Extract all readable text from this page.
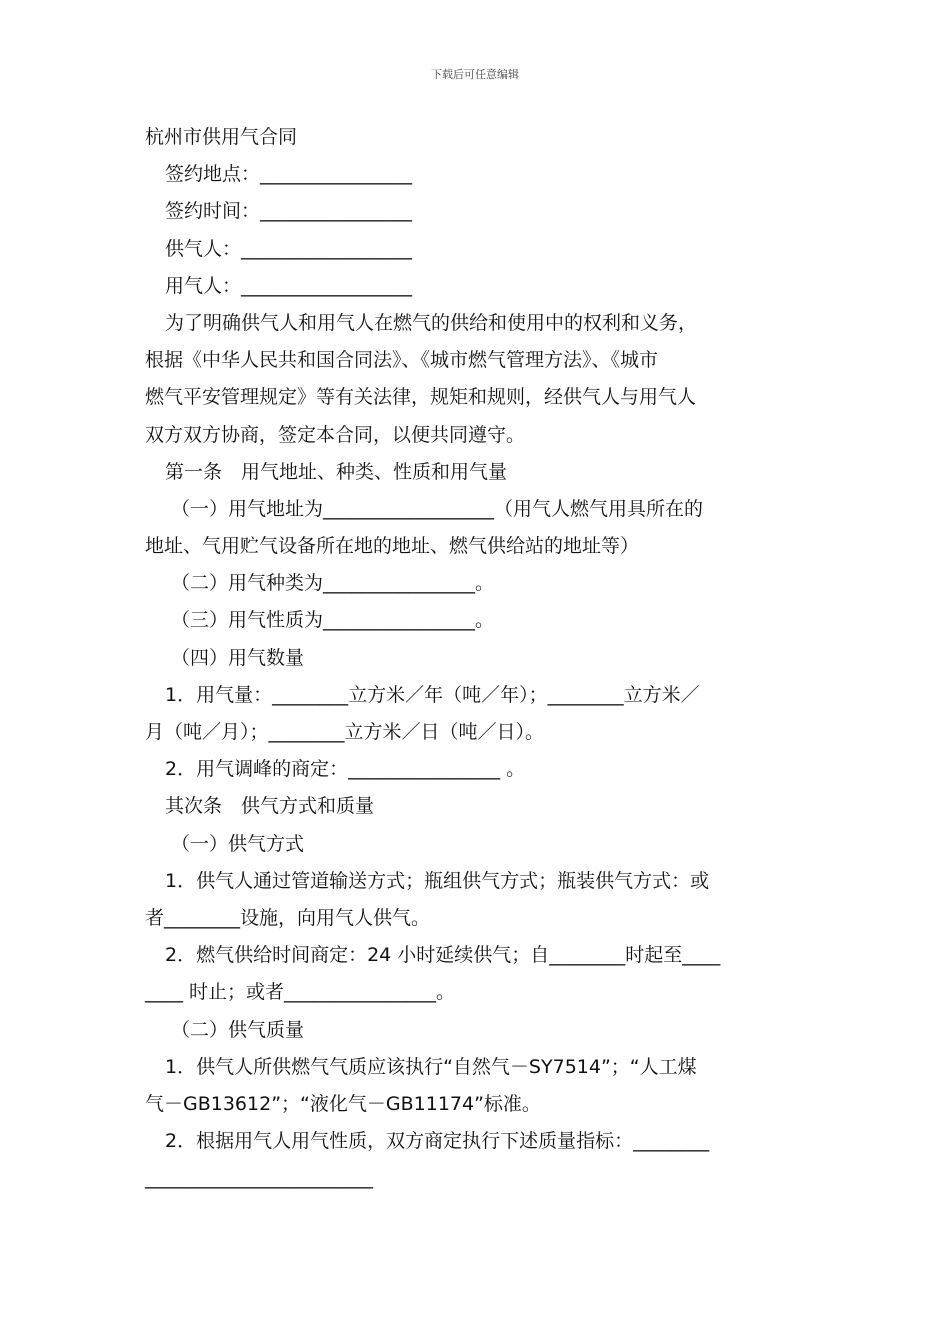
下载后可任意编辑
杭州市供用气合同
签约地点：________________
签约时间：________________
供气人：__________________
用气人：__________________
为了明确供气人和用气人在燃气的供给和使用中的权利和义务，
根据《中华人民共和国合同法》、《城市燃气管理方法》、《城市
燃气平安管理规定》等有关法律，规矩和规则，经供气人与用气人
双方双方协商，签定本合同，以便共同遵守。
第一条　用气地址、种类、性质和用气量
（一）用气地址为__________________（用气人燃气用具所在的
地址、气用贮气设备所在地的地址、燃气供给站的地址等）
（二）用气种类为________________。
（三）用气性质为________________。
（四）用气数量
1．用气量：________立方米／年（吨／年）；________立方米／
月（吨／月）；________立方米／日（吨／日）。
2．用气调峰的商定：________________ 。
其次条　供气方式和质量
（一）供气方式
1．供气人通过管道输送方式；瓶组供气方式；瓶装供气方式：或
者________设施，向用气人供气。
2．燃气供给时间商定：24 小时延续供气；自________时起至____
____ 时止；或者________________。
（二）供气质量
1．供气人所供燃气气质应该执行“自然气－SY7514”；“人工煤
气－GB13612”；“液化气－GB11174”标准。
2．根据用气人用气性质，双方商定执行下述质量指标：________
________________________
